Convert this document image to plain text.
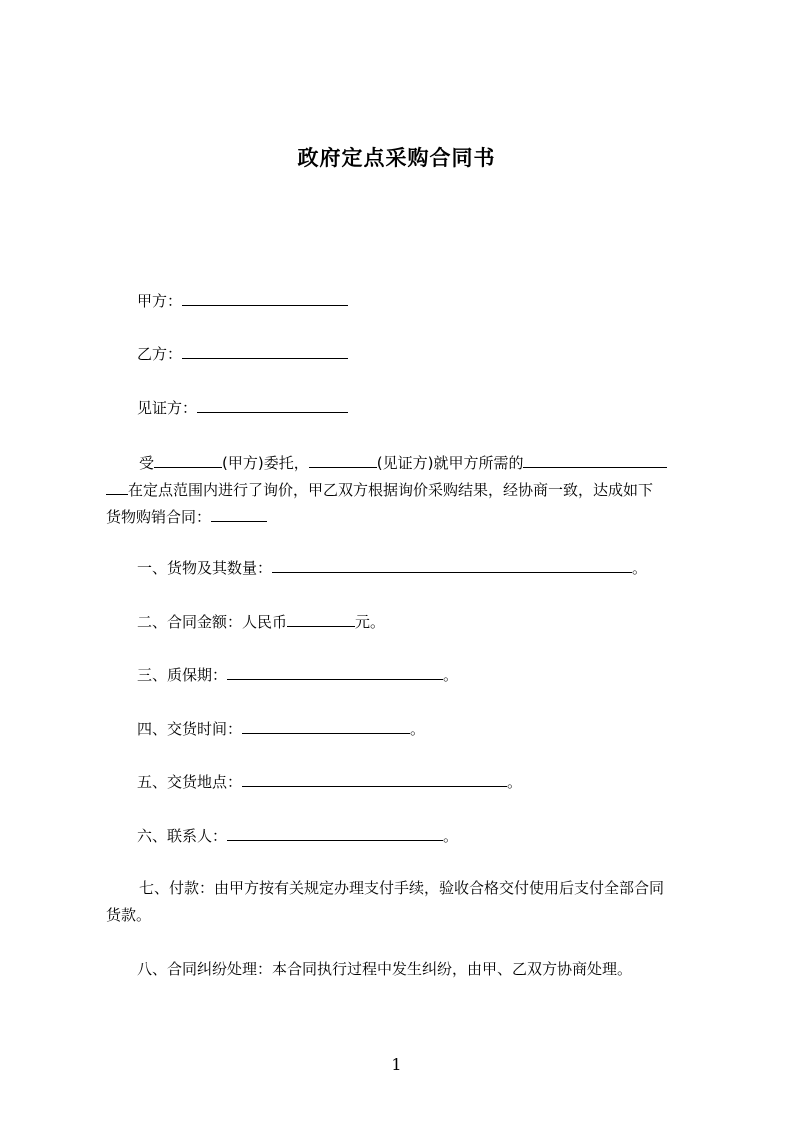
政府定点采购合同书
甲方：
乙方：
见证方：
受	(甲方)委托，	(见证方)就甲方所需的
在定点范围内进行了询价，甲乙双方根据询价采购结果，经协商一致，达成如下
货物购销合同：
一、货物及其数量：	。
二、合同金额：人民币	元。
三、质保期：	。
四、交货时间：	。
五、交货地点：	。
六、联系人：	。
七、付款：由甲方按有关规定办理支付手续，验收合格交付使用后支付全部合同
货款。
八、合同纠纷处理：本合同执行过程中发生纠纷，由甲、乙双方协商处理。
1
